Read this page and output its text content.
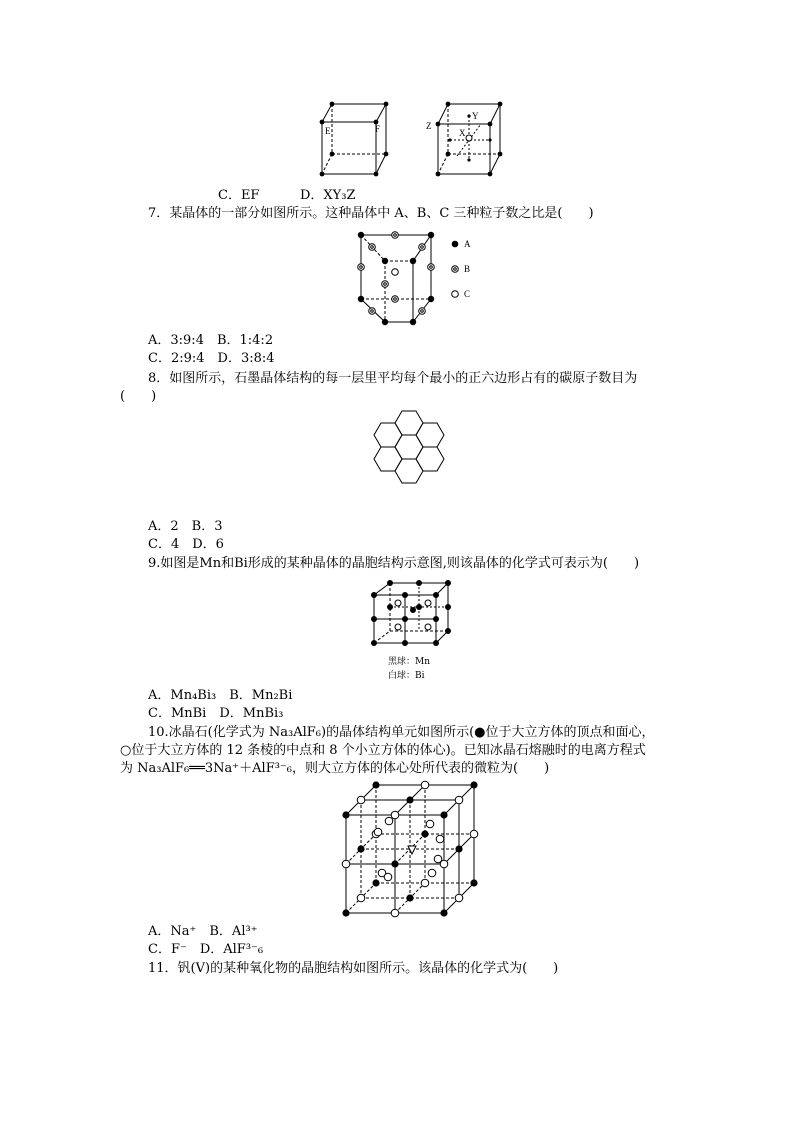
E	F	Z
Y
X
C．EF	D．XY₃Z
7．某晶体的一部分如图所示。这种晶体中 A、B、C 三种粒子数之比是(　　)
A
B
C
A．3:9:4　B．1:4:2
C．2:9:4　D．3:8:4
8．如图所示，石墨晶体结构的每一层里平均每个最小的正六边形占有的碳原子数目为
(　　)
A．2　B．3
C．4　D．6
9.如图是Mn和Bi形成的某种晶体的晶胞结构示意图,则该晶体的化学式可表示为(　　)
黑球：Mn
白球：Bi
A．Mn₄Bi₃　B．Mn₂Bi
C．MnBi　D．MnBi₃
10.冰晶石(化学式为 Na₃AlF₆)的晶体结构单元如图所示(●位于大立方体的顶点和面心，
○位于大立方体的 12 条棱的中点和 8 个小立方体的体心)。已知冰晶石熔融时的电离方程式
为 Na₃AlF₆══3Na⁺＋AlF³⁻₆，则大立方体的体心处所代表的微粒为(　　)
A．Na⁺　B．Al³⁺
C．F⁻　D．AlF³⁻₆
11．钒(V)的某种氧化物的晶胞结构如图所示。该晶体的化学式为(　　)
